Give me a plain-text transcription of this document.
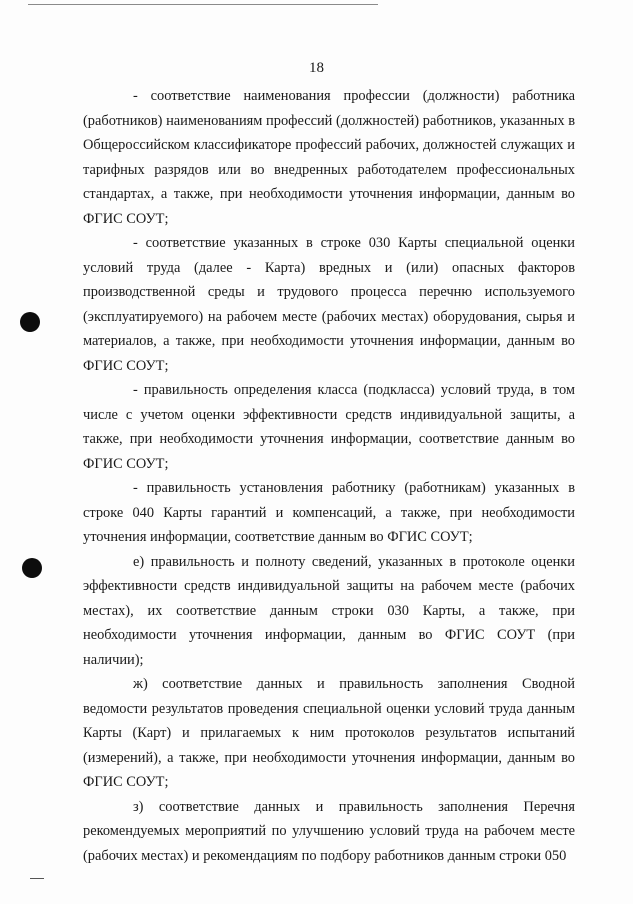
18

- соответствие наименования профессии (должности) работника (работников) наименованиям профессий (должностей) работников, указанных в Общероссийском классификаторе профессий рабочих, должностей служащих и тарифных разрядов или во внедренных работодателем профессиональных стандартах, а также, при необходимости уточнения информации, данным во ФГИС СОУТ;

- соответствие указанных в строке 030 Карты специальной оценки условий труда (далее - Карта) вредных и (или) опасных факторов производственной среды и трудового процесса перечню используемого (эксплуатируемого) на рабочем месте (рабочих местах) оборудования, сырья и материалов, а также, при необходимости уточнения информации, данным во ФГИС СОУТ;

- правильность определения класса (подкласса) условий труда, в том числе с учетом оценки эффективности средств индивидуальной защиты, а также, при необходимости уточнения информации, соответствие данным во ФГИС СОУТ;

- правильность установления работнику (работникам) указанных в строке 040 Карты гарантий и компенсаций, а также, при необходимости уточнения информации, соответствие данным во ФГИС СОУТ;

е) правильность и полноту сведений, указанных в протоколе оценки эффективности средств индивидуальной защиты на рабочем месте (рабочих местах), их соответствие данным строки 030 Карты, а также, при необходимости уточнения информации, данным во ФГИС СОУТ (при наличии);

ж) соответствие данных и правильность заполнения Сводной ведомости результатов проведения специальной оценки условий труда данным Карты (Карт) и прилагаемых к ним протоколов результатов испытаний (измерений), а также, при необходимости уточнения информации, данным во ФГИС СОУТ;

з) соответствие данных и правильность заполнения Перечня рекомендуемых мероприятий по улучшению условий труда на рабочем месте (рабочих местах) и рекомендациям по подбору работников данным строки 050
